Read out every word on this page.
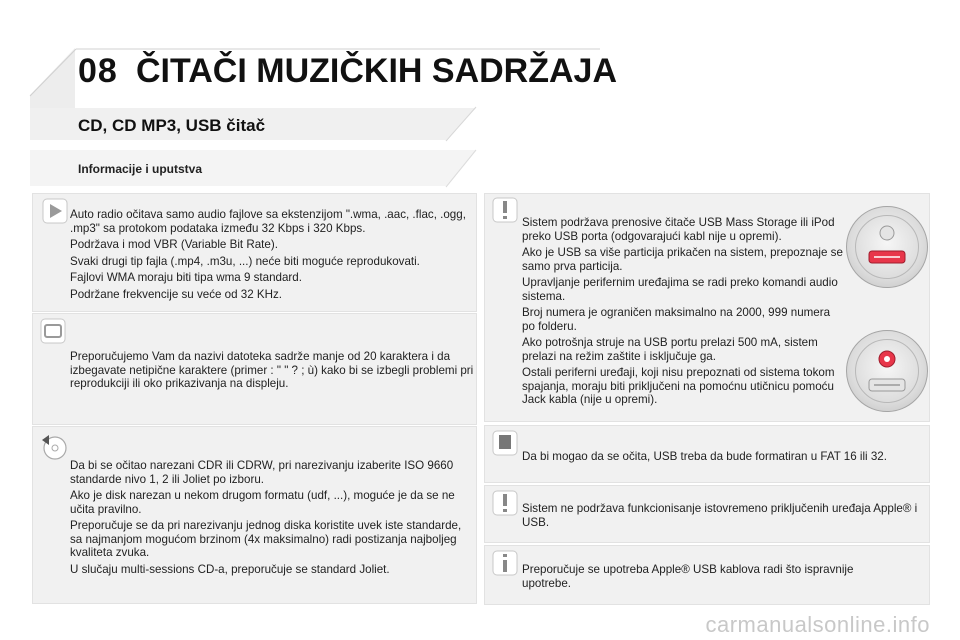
08 ČITAČI MUZIČKIH SADRŽAJA
CD, CD MP3, USB čitač
Informacije i uputstva

Auto radio očitava samo audio fajlove sa ekstenzijom ".wma, .aac, .flac, .ogg, .mp3" sa protokom podataka između 32 Kbps i 320 Kbps.

Podržava i mod VBR (Variable Bit Rate).

Svaki drugi tip fajla (.mp4, .m3u, ...) neće biti moguće reprodukovati.

Fajlovi WMA moraju biti tipa wma 9 standard.

Podržane frekvencije su veće od 32 KHz.

Preporučujemo Vam da nazivi datoteka sadrže manje od 20 karaktera i da izbegavate netipične karaktere (primer : " " ? ; ù) kako bi se izbegli problemi pri reprodukciji ili oko prikazivanja na displeju.

Da bi se očitao narezani CDR ili CDRW, pri narezivanju izaberite ISO 9660 standarde nivo 1, 2 ili Joliet po izboru.

Ako je disk narezan u nekom drugom formatu (udf, ...), moguće je da se ne učita pravilno.

Preporučuje se da pri narezivanju jednog diska koristite uvek iste standarde, sa najmanjom mogućom brzinom (4x maksimalno) radi postizanja najboljeg kvaliteta zvuka.

U slučaju multi-sessions CD-a, preporučuje se standard Joliet.

Sistem podržava prenosive čitače USB Mass Storage ili iPod preko USB porta (odgovarajući kabl nije u opremi).

Ako je USB sa više particija prikačen na sistem, prepoznaje se samo prva particija.

Upravljanje perifernim uređajima se radi preko komandi audio sistema.

Broj numera je ograničen maksimalno na 2000, 999 numera po folderu.

Ako potrošnja struje na USB portu prelazi 500 mA, sistem prelazi na režim zaštite i isključuje ga.

Ostali periferni uređaji, koji nisu prepoznati od sistema tokom spajanja, moraju biti priključeni na pomoćnu utičnicu pomoću Jack kabla (nije u opremi).

Da bi mogao da se očita, USB treba da bude formatiran u FAT 16 ili 32.

Sistem ne podržava funkcionisanje istovremeno priključenih uređaja Apple® i USB.

Preporučuje se upotreba Apple® USB kablova radi što ispravnije upotrebe.

carmanualsonline.info
